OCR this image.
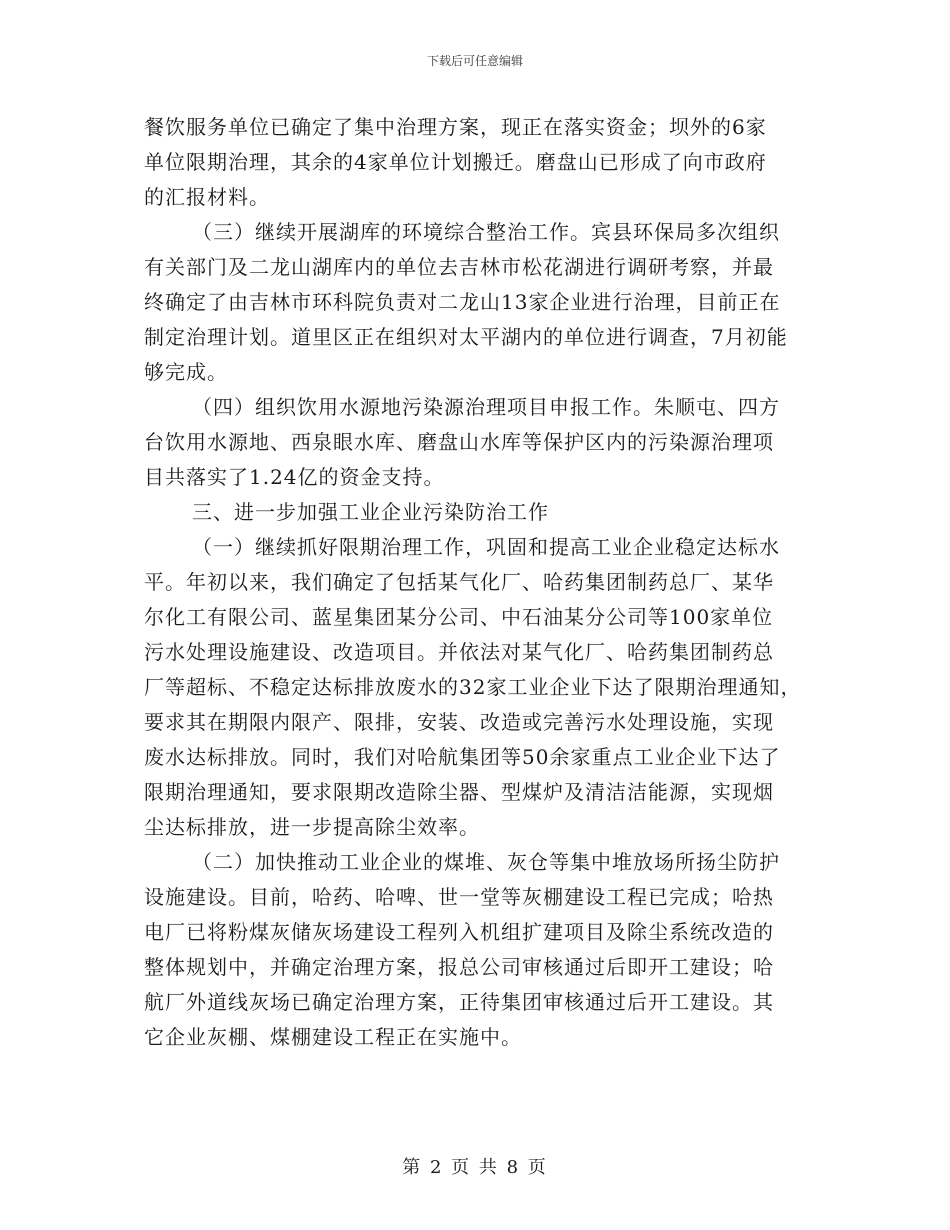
下载后可任意编辑
餐饮服务单位已确定了集中治理方案，现正在落实资金；坝外的6家
单位限期治理，其余的4家单位计划搬迁。磨盘山已形成了向市政府
的汇报材料。
（三）继续开展湖库的环境综合整治工作。宾县环保局多次组织
有关部门及二龙山湖库内的单位去吉林市松花湖进行调研考察，并最
终确定了由吉林市环科院负责对二龙山13家企业进行治理，目前正在
制定治理计划。道里区正在组织对太平湖内的单位进行调查，7月初能
够完成。
（四）组织饮用水源地污染源治理项目申报工作。朱顺屯、四方
台饮用水源地、西泉眼水库、磨盘山水库等保护区内的污染源治理项
目共落实了1.24亿的资金支持。
三、进一步加强工业企业污染防治工作
（一）继续抓好限期治理工作，巩固和提高工业企业稳定达标水
平。年初以来，我们确定了包括某气化厂、哈药集团制药总厂、某华
尔化工有限公司、蓝星集团某分公司、中石油某分公司等100家单位
污水处理设施建设、改造项目。并依法对某气化厂、哈药集团制药总
厂等超标、不稳定达标排放废水的32家工业企业下达了限期治理通知，
要求其在期限内限产、限排，安装、改造或完善污水处理设施，实现
废水达标排放。同时，我们对哈航集团等50余家重点工业企业下达了
限期治理通知，要求限期改造除尘器、型煤炉及清洁洁能源，实现烟
尘达标排放，进一步提高除尘效率。
（二）加快推动工业企业的煤堆、灰仓等集中堆放场所扬尘防护
设施建设。目前，哈药、哈啤、世一堂等灰棚建设工程已完成；哈热
电厂已将粉煤灰储灰场建设工程列入机组扩建项目及除尘系统改造的
整体规划中，并确定治理方案，报总公司审核通过后即开工建设；哈
航厂外道线灰场已确定治理方案，正待集团审核通过后开工建设。其
它企业灰棚、煤棚建设工程正在实施中。
第 2 页 共 8 页
